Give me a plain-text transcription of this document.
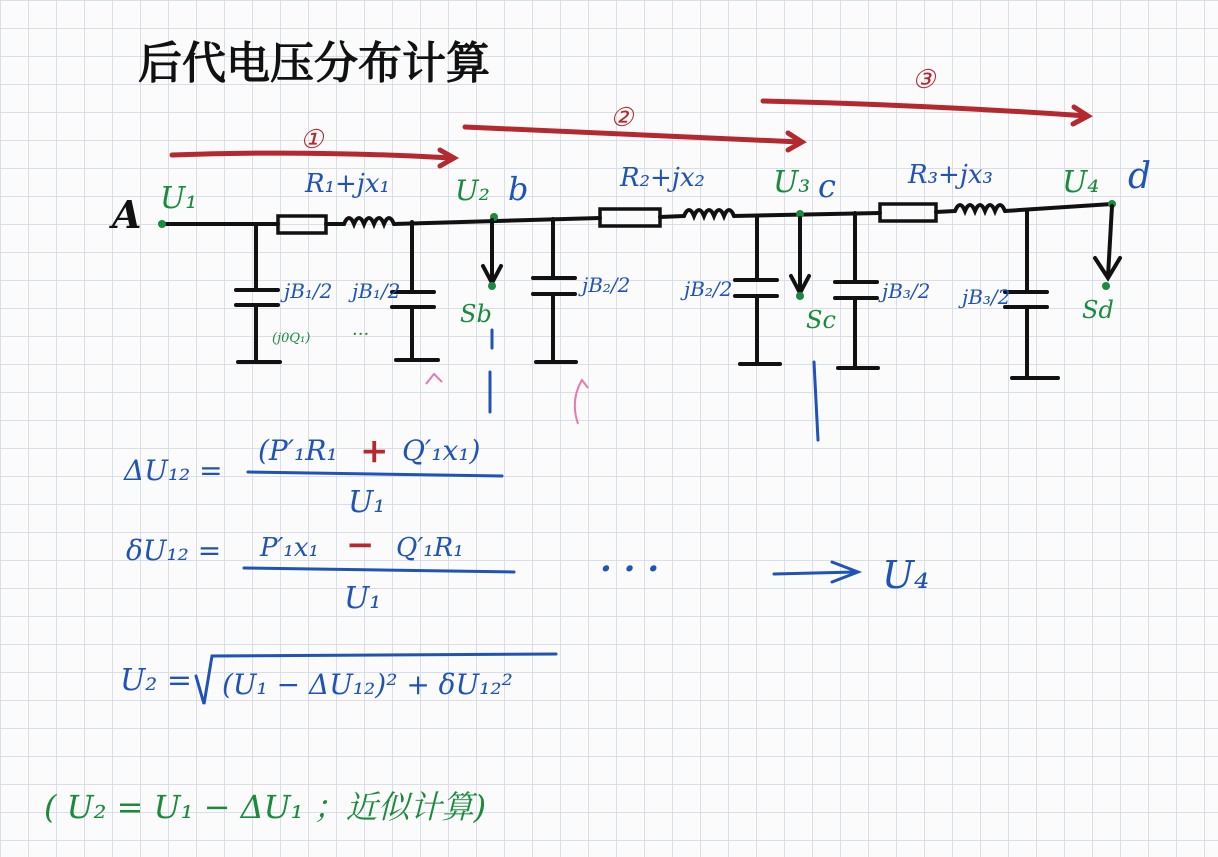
后代电压分布计算
①
②
③
A U₁	U₂ b	U₃ c	U₄ d
R₁+jx₁	R₂+jx₂	R₃+jx₃
jB₁/2
(j0Q₁)
jB₁/2
···
jB₂/2	jB₂/2	jB₃/2 jB₃/2
Sb	Sc	Sd
ΔU₁₂ =
(P′₁R₁ + Q′₁x₁)
U₁
δU₁₂ = P′₁x₁ − Q′₁R₁
U₁
· · ·	U₄
U₂ = (U₁ − ΔU₁₂)² + δU₁₂²
( U₂ = U₁ − ΔU₁ ；近似计算)
